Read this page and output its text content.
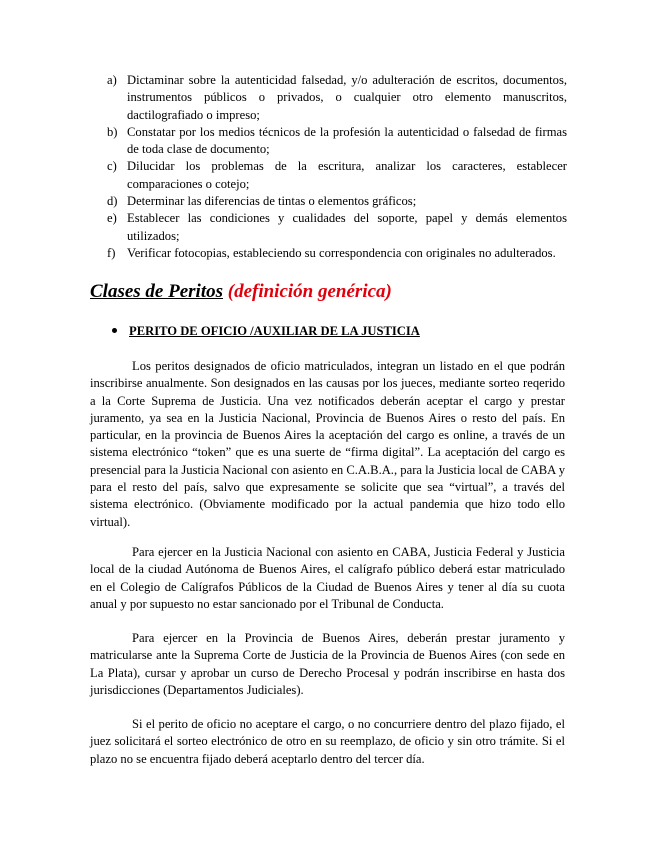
a) Dictaminar sobre la autenticidad falsedad, y/o adulteración de escritos, documentos, instrumentos públicos o privados, o cualquier otro elemento manuscritos, dactilografiado o impreso;
b) Constatar por los medios técnicos de la profesión la autenticidad o falsedad de firmas de toda clase de documento;
c) Dilucidar los problemas de la escritura, analizar los caracteres, establecer comparaciones o cotejo;
d) Determinar las diferencias de tintas o elementos gráficos;
e) Establecer las condiciones y cualidades del soporte, papel y demás elementos utilizados;
f) Verificar fotocopias, estableciendo su correspondencia con originales no adulterados.
Clases de Peritos (definición genérica)
PERITO DE OFICIO /AUXILIAR DE LA JUSTICIA

Los peritos designados de oficio matriculados, integran un listado en el que podrán inscribirse anualmente. Son designados en las causas por los jueces, mediante sorteo reqerido a la Corte Suprema de Justicia. Una vez notificados deberán aceptar el cargo y prestar juramento, ya sea en la Justicia Nacional, Provincia de Buenos Aires o resto del país. En particular, en la provincia de Buenos Aires la aceptación del cargo es online, a través de un sistema electrónico “token” que es una suerte de “firma digital”. La aceptación del cargo es presencial para la Justicia Nacional con asiento en C.A.B.A., para la Justicia local de CABA y para el resto del país, salvo que expresamente se solicite que sea “virtual”, a través del sistema electrónico. (Obviamente modificado por la actual pandemia que hizo todo ello virtual).

Para ejercer en la Justicia Nacional con asiento en CABA, Justicia Federal y Justicia local de la ciudad Autónoma de Buenos Aires, el calígrafo público deberá estar matriculado en el Colegio de Calígrafos Públicos de la Ciudad de Buenos Aires y tener al día su cuota anual y por supuesto no estar sancionado por el Tribunal de Conducta.

Para ejercer en la Provincia de Buenos Aires, deberán prestar juramento y matricularse ante la Suprema Corte de Justicia de la Provincia de Buenos Aires (con sede en La Plata), cursar y aprobar un curso de Derecho Procesal y podrán inscribirse en hasta dos jurisdicciones (Departamentos Judiciales).

Si el perito de oficio no aceptare el cargo, o no concurriere dentro del plazo fijado, el juez solicitará el sorteo electrónico de otro en su reemplazo, de oficio y sin otro trámite. Si el plazo no se encuentra fijado deberá aceptarlo dentro del tercer día.
